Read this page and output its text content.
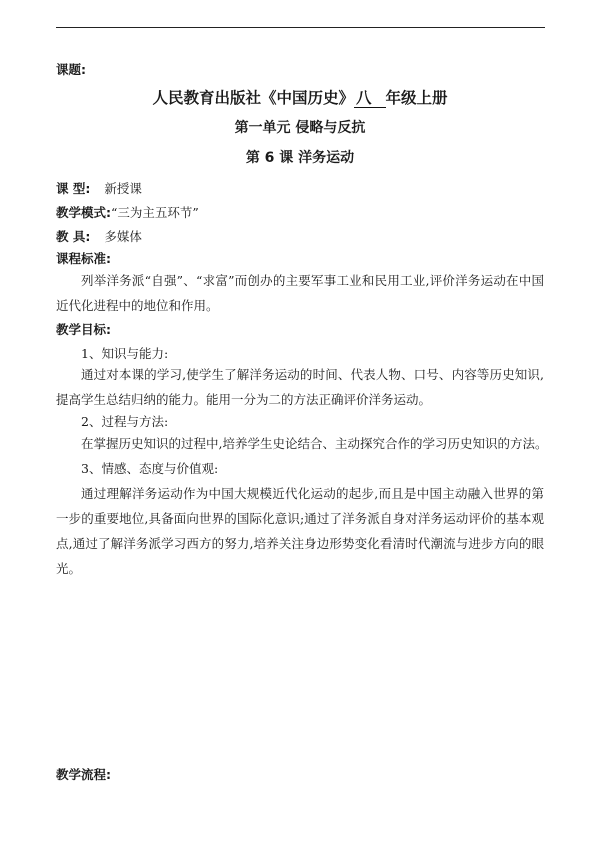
课题:
人民教育出版社《中国历史》 八 年级上册
第一单元 侵略与反抗
第 6 课 洋务运动
课 型: 新授课
教学模式:“三为主五环节”
教 具: 多媒体
课程标准:
列举洋务派“自强”、“求富”而创办的主要军事工业和民用工业,评价洋务运动在中国近代化进程中的地位和作用。
教学目标:
1、知识与能力:
通过对本课的学习,使学生了解洋务运动的时间、代表人物、口号、内容等历史知识,提高学生总结归纳的能力。能用一分为二的方法正确评价洋务运动。
2、过程与方法:
在掌握历史知识的过程中,培养学生史论结合、主动探究合作的学习历史知识的方法。
3、情感、态度与价值观:
通过理解洋务运动作为中国大规模近代化运动的起步,而且是中国主动融入世界的第一步的重要地位,具备面向世界的国际化意识;通过了洋务派自身对洋务运动评价的基本观点,通过了解洋务派学习西方的努力,培养关注身边形势变化看清时代潮流与进步方向的眼光。
教学流程:
